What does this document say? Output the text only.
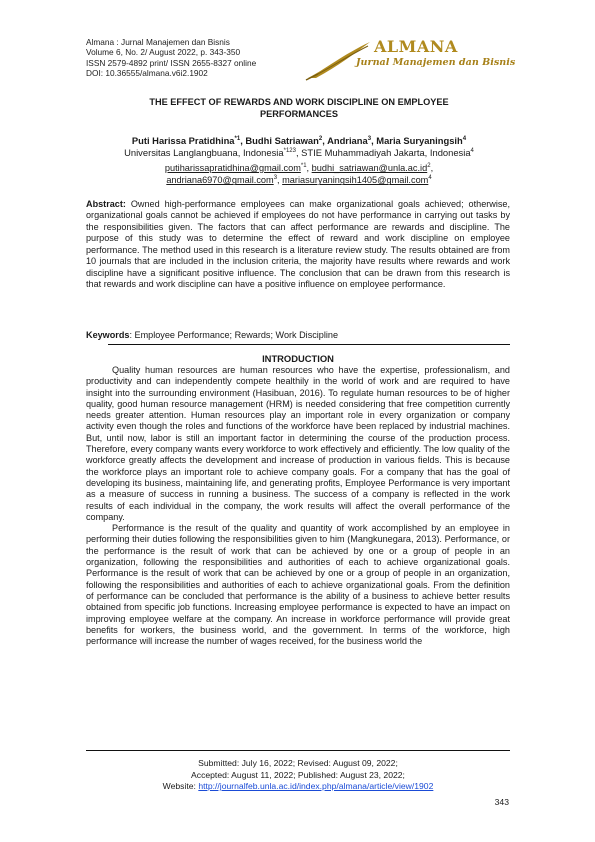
Almana : Jurnal Manajemen dan Bisnis
Volume 6, No. 2/ August 2022, p. 343-350
ISSN 2579-4892 print/ ISSN 2655-8327 online
DOI: 10.36555/almana.v6i2.1902
ALMANA
Jurnal Manajemen dan Bisnis
THE EFFECT OF REWARDS AND WORK DISCIPLINE ON EMPLOYEE
PERFORMANCES
Puti Harissa Pratidhina$^{*1}$, Budhi Satriawan$^2$, Andriana$^3$, Maria Suryaningsih$^4$
Universitas Langlangbuana, Indonesia$^{*123}$, STIE Muhammadiyah Jakarta, Indonesia$^4$
putiharissapratidhina@gmail.com$^{*1}$, $budhi\_satriawan@unla.ac.id^2$,
andriana6970@gmail.com$^3$, mariasuryaningsih1405@gmail.com$^4$
Abstract: Owned high-performance employees can make organizational goals achieved; otherwise, organizational goals cannot be achieved if employees do not have performance in carrying out tasks by the responsibilities given. The factors that can affect performance are rewards and discipline. The purpose of this study was to determine the effect of reward and work discipline on employee performance. The method used in this research is a literature review study. The results obtained are from 10 journals that are included in the inclusion criteria, the majority have results where rewards and work discipline have a significant positive influence. The conclusion that can be drawn from this research is that rewards and work discipline can have a positive influence on employee performance.
Keywords: Employee Performance; Rewards; Work Discipline
INTRODUCTION

Quality human resources are human resources who have the expertise, professionalism, and productivity and can independently compete healthily in the world of work and are required to have insight into the surrounding environment (Hasibuan, 2016). To regulate human resources to be of higher quality, good human resource management (HRM) is needed considering that free competition currently needs greater attention. Human resources play an important role in every organization or company activity even though the roles and functions of the workforce have been replaced by industrial machines. But, until now, labor is still an important factor in determining the course of the production process. Therefore, every company wants every workforce to work effectively and efficiently. The low quality of the workforce greatly affects the development and increase of production in various fields. This is because the workforce plays an important role to achieve company goals. For a company that has the goal of developing its business, maintaining life, and generating profits, Employee Performance is very important as a measure of success in running a business. The success of a company is reflected in the work results of each individual in the company, the work results will affect the overall performance of the company.

Performance is the result of the quality and quantity of work accomplished by an employee in performing their duties following the responsibilities given to him (Mangkunegara, 2013). Performance, or the performance is the result of work that can be achieved by one or a group of people in an organization, following the responsibilities and authorities of each to achieve organizational goals. Performance is the result of work that can be achieved by one or a group of people in an organization, following the responsibilities and authorities of each to achieve organizational goals. From the definition of performance can be concluded that performance is the ability of a business to achieve better results obtained from specific job functions. Increasing employee performance is expected to have an impact on improving employee welfare at the company. An increase in workforce performance will provide great benefits for workers, the business world, and the government. In terms of the workforce, high performance will increase the number of wages received, for the business world the

Submitted: July 16, 2022; Revised: August 09, 2022;
Accepted: August 11, 2022; Published: August 23, 2022;
Website: http://journalfeb.unla.ac.id/index.php/almana/article/view/1902
343
